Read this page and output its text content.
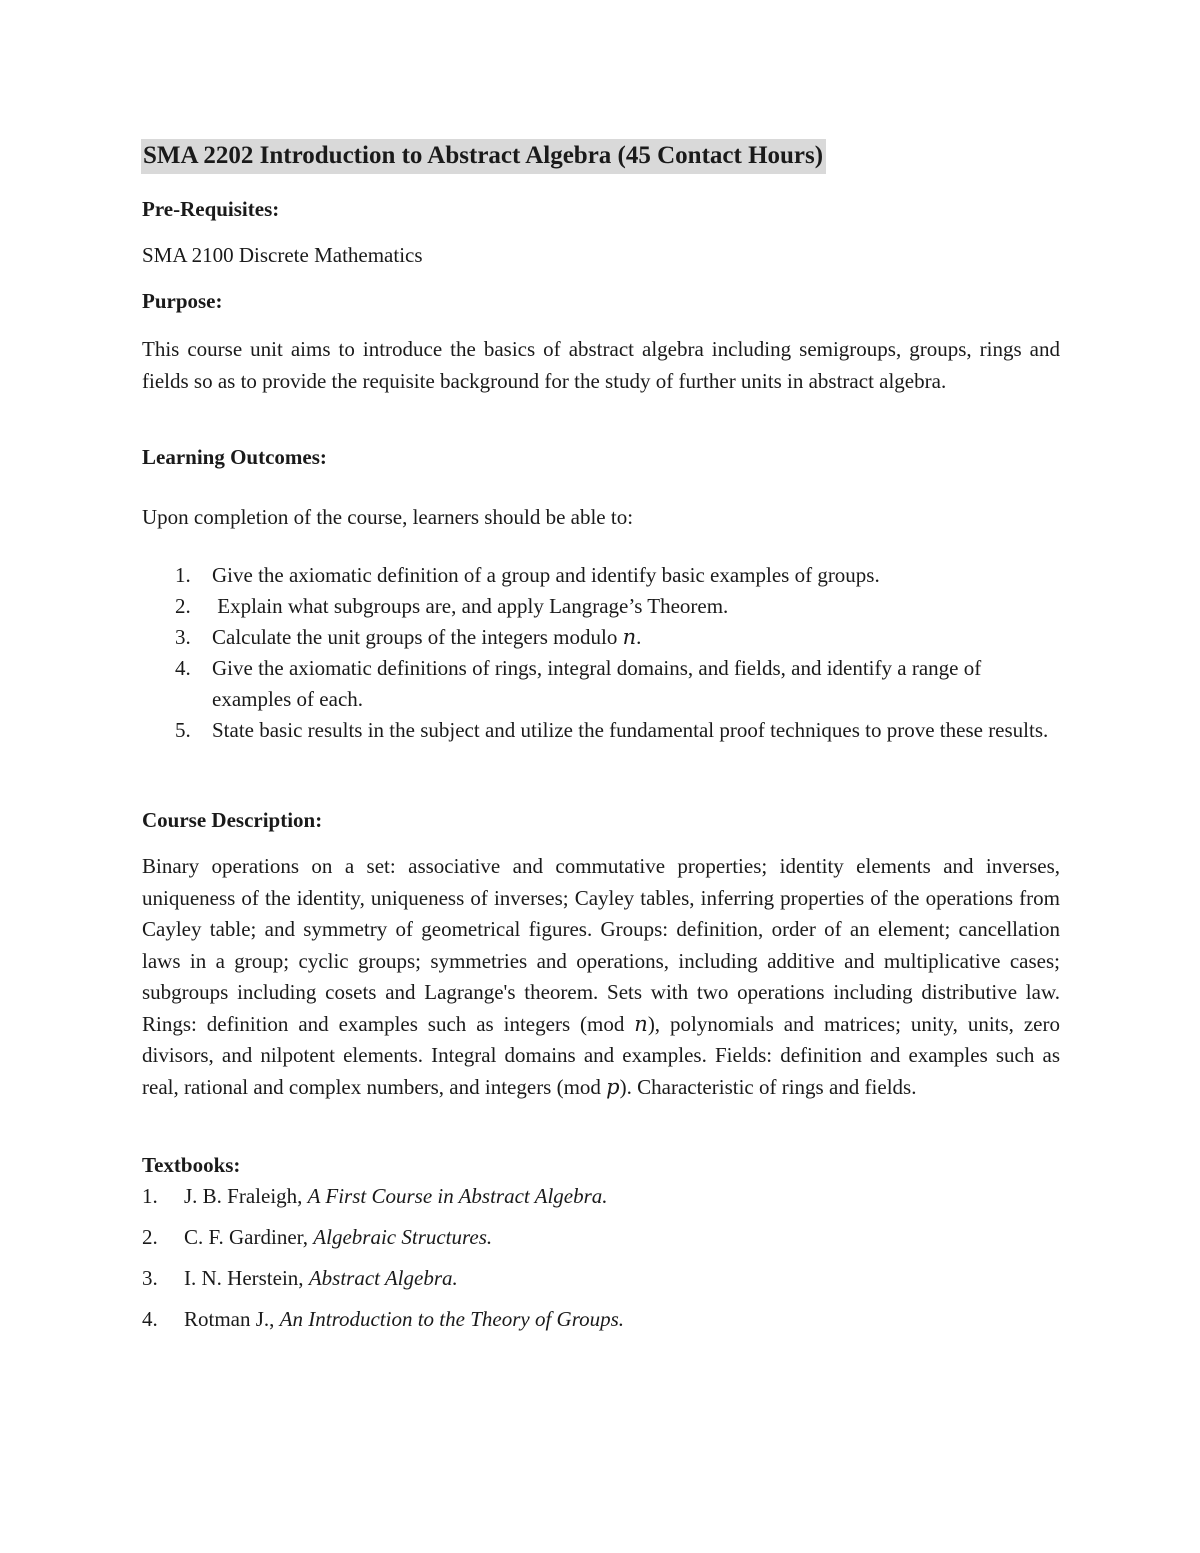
SMA 2202 Introduction to Abstract Algebra (45 Contact Hours)
Pre-Requisites:
SMA 2100 Discrete Mathematics
Purpose:
This course unit aims to introduce the basics of abstract algebra including semigroups, groups, rings and fields so as to provide the requisite background for the study of further units in abstract algebra.
Learning Outcomes:
Upon completion of the course, learners should be able to:
1. Give the axiomatic definition of a group and identify basic examples of groups.
2. Explain what subgroups are, and apply Langrage’s Theorem.
3. Calculate the unit groups of the integers modulo 𝑛.
4. Give the axiomatic definitions of rings, integral domains, and fields, and identify a range of examples of each.
5. State basic results in the subject and utilize the fundamental proof techniques to prove these results.
Course Description:
Binary operations on a set: associative and commutative properties; identity elements and inverses, uniqueness of the identity, uniqueness of inverses; Cayley tables, inferring properties of the operations from Cayley table; and symmetry of geometrical figures. Groups: definition, order of an element; cancellation laws in a group; cyclic groups; symmetries and operations, including additive and multiplicative cases; subgroups including cosets and Lagrange's theorem. Sets with two operations including distributive law. Rings: definition and examples such as integers (mod 𝑛), polynomials and matrices; unity, units, zero divisors, and nilpotent elements. Integral domains and examples. Fields: definition and examples such as real, rational and complex numbers, and integers (mod 𝑝). Characteristic of rings and fields.
Textbooks:
1. J. B. Fraleigh, A First Course in Abstract Algebra.
2. C. F. Gardiner, Algebraic Structures.
3. I. N. Herstein, Abstract Algebra.
4. Rotman J., An Introduction to the Theory of Groups.
